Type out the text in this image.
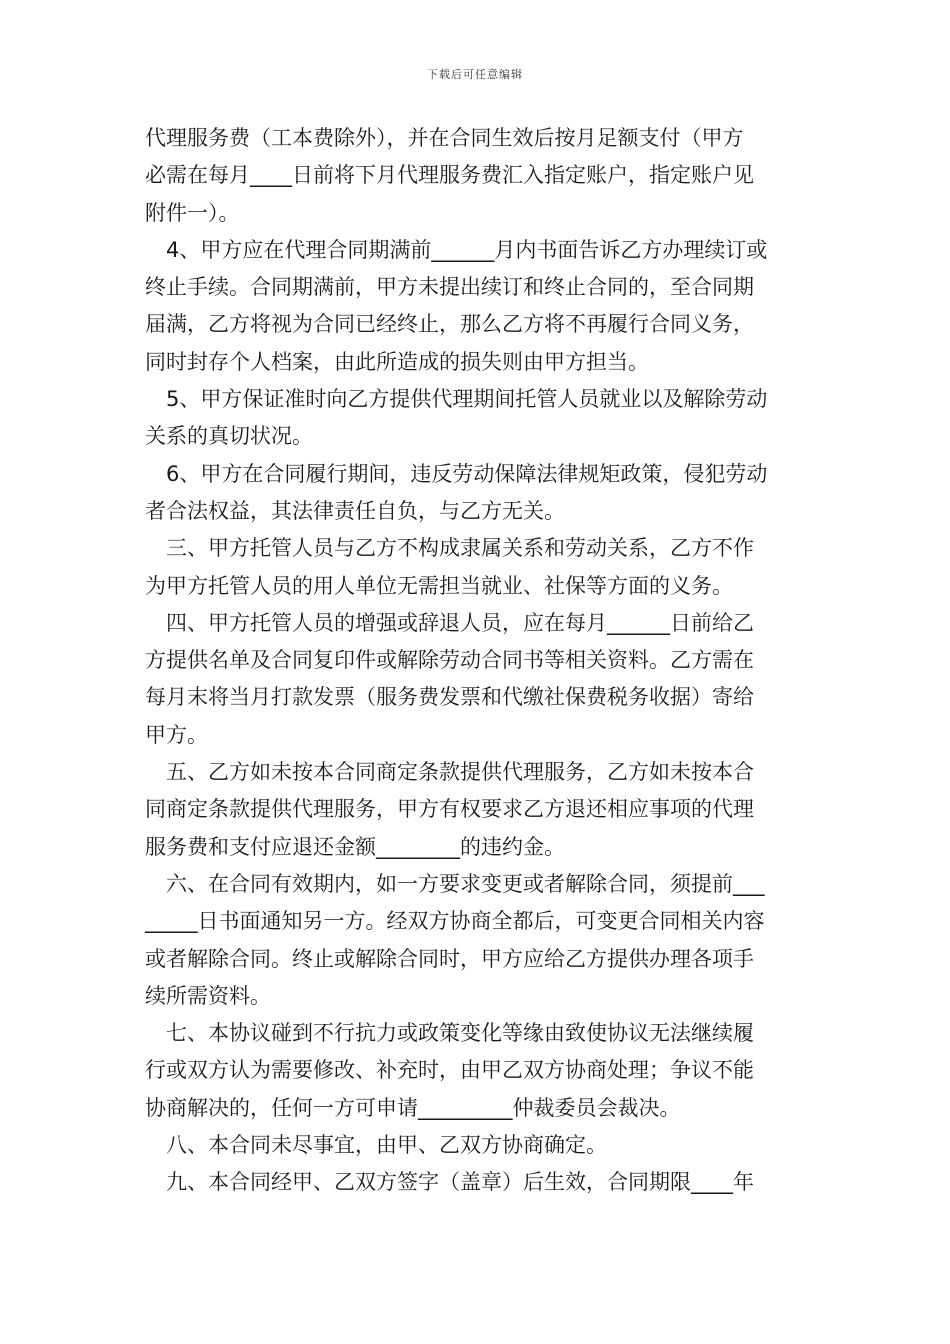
下载后可任意编辑
代理服务费（工本费除外），并在合同生效后按月足额支付（甲方
必需在每月____日前将下月代理服务费汇入指定账户，指定账户见
附件一）。
　4、甲方应在代理合同期满前______月内书面告诉乙方办理续订或
终止手续。合同期满前，甲方未提出续订和终止合同的，至合同期
届满，乙方将视为合同已经终止，那么乙方将不再履行合同义务，
同时封存个人档案，由此所造成的损失则由甲方担当。
　5、甲方保证准时向乙方提供代理期间托管人员就业以及解除劳动
关系的真切状况。
　6、甲方在合同履行期间，违反劳动保障法律规矩政策，侵犯劳动
者合法权益，其法律责任自负，与乙方无关。
　三、甲方托管人员与乙方不构成隶属关系和劳动关系，乙方不作
为甲方托管人员的用人单位无需担当就业、社保等方面的义务。
　四、甲方托管人员的增强或辞退人员，应在每月______日前给乙
方提供名单及合同复印件或解除劳动合同书等相关资料。乙方需在
每月末将当月打款发票（服务费发票和代缴社保费税务收据）寄给
甲方。
　五、乙方如未按本合同商定条款提供代理服务，乙方如未按本合
同商定条款提供代理服务，甲方有权要求乙方退还相应事项的代理
服务费和支付应退还金额________的违约金。
　六、在合同有效期内，如一方要求变更或者解除合同，须提前___
_____日书面通知另一方。经双方协商全都后，可变更合同相关内容
或者解除合同。终止或解除合同时，甲方应给乙方提供办理各项手
续所需资料。
　七、本协议碰到不行抗力或政策变化等缘由致使协议无法继续履
行或双方认为需要修改、补充时，由甲乙双方协商处理；争议不能
协商解决的，任何一方可申请_________仲裁委员会裁决。
　八、本合同未尽事宜，由甲、乙双方协商确定。
　九、本合同经甲、乙双方签字（盖章）后生效，合同期限____年
